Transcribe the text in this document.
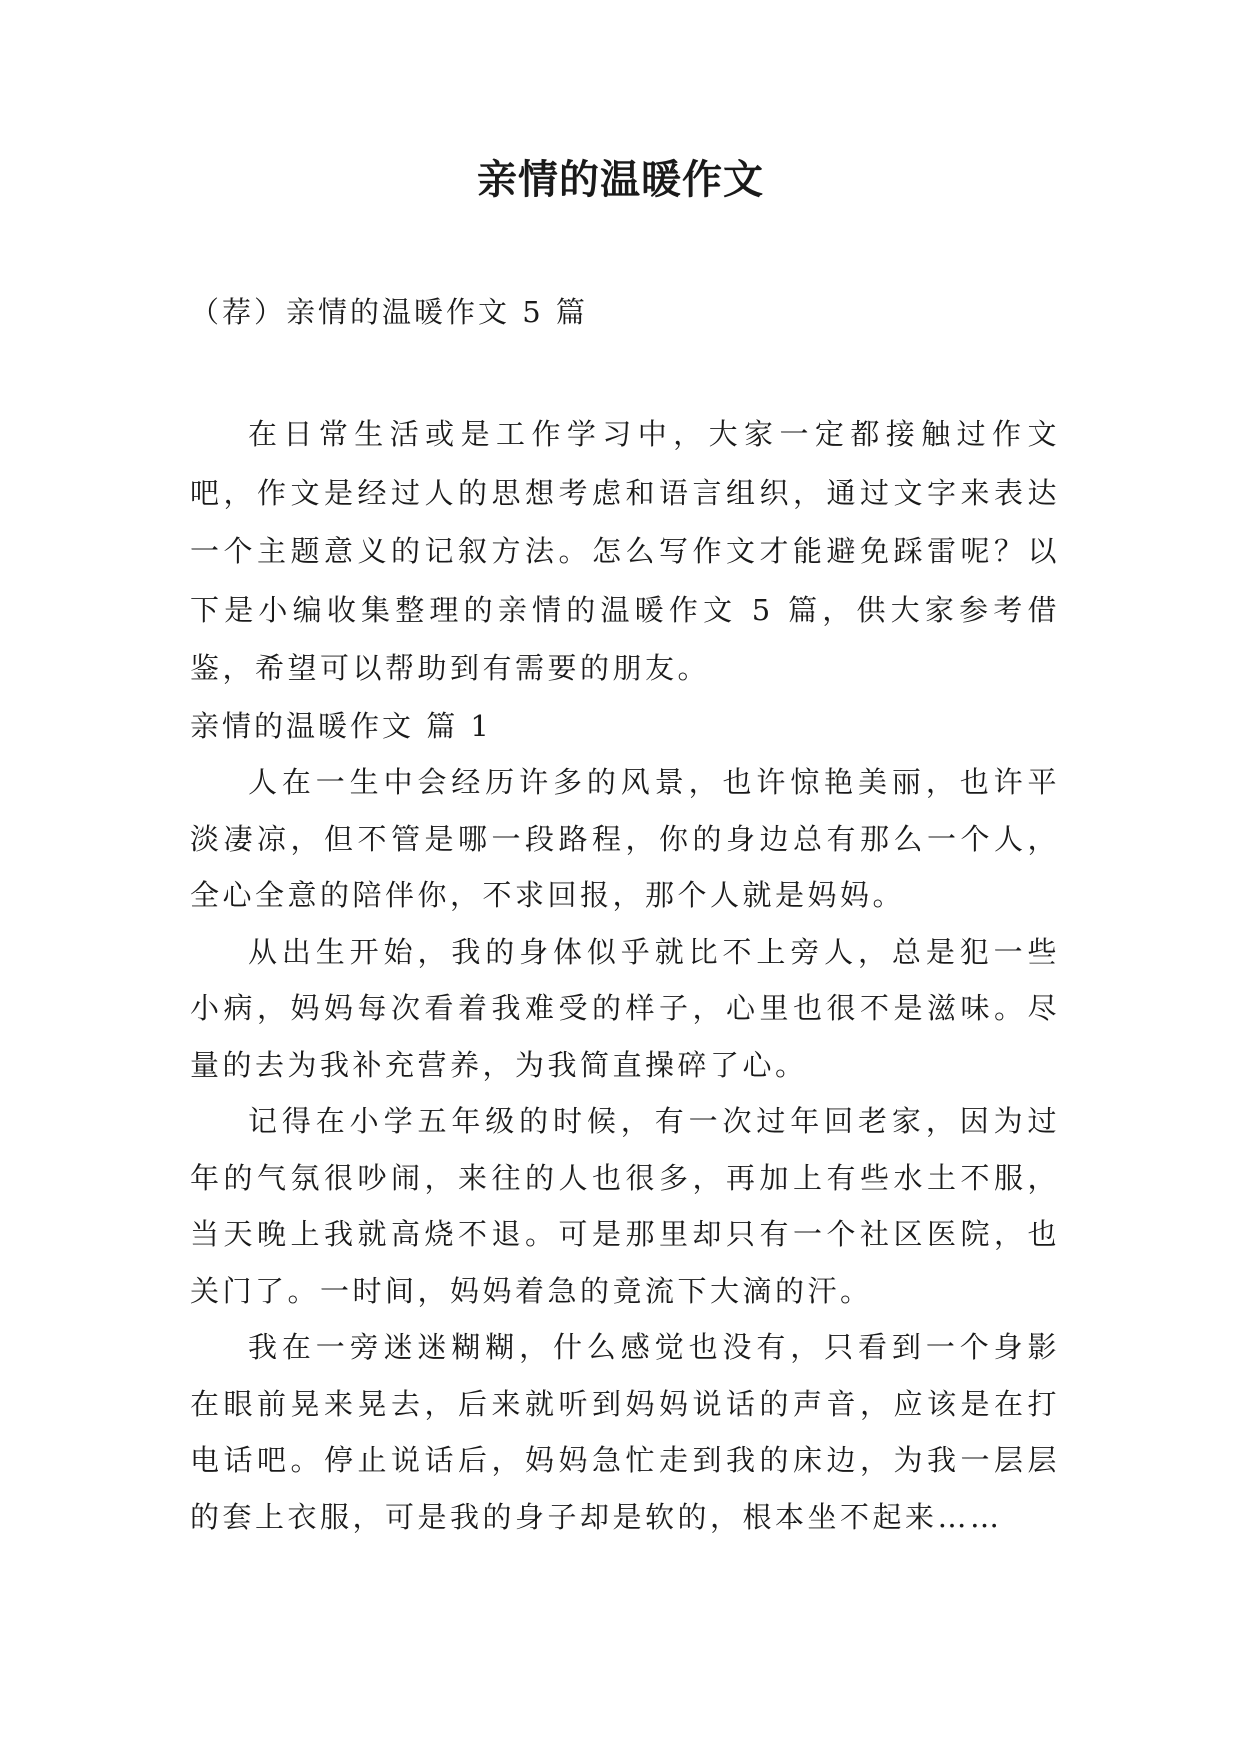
亲情的温暖作文
（荐）亲情的温暖作文 5 篇

在日常生活或是工作学习中，大家一定都接触过作文吧，作文是经过人的思想考虑和语言组织，通过文字来表达一个主题意义的记叙方法。怎么写作文才能避免踩雷呢？以下是小编收集整理的亲情的温暖作文 5 篇，供大家参考借鉴，希望可以帮助到有需要的朋友。

亲情的温暖作文 篇 1

人在一生中会经历许多的风景，也许惊艳美丽，也许平淡凄凉，但不管是哪一段路程，你的身边总有那么一个人，全心全意的陪伴你，不求回报，那个人就是妈妈。

从出生开始，我的身体似乎就比不上旁人，总是犯一些小病，妈妈每次看着我难受的样子，心里也很不是滋味。尽量的去为我补充营养，为我简直操碎了心。

记得在小学五年级的时候，有一次过年回老家，因为过年的气氛很吵闹，来往的人也很多，再加上有些水土不服，当天晚上我就高烧不退。可是那里却只有一个社区医院，也关门了。一时间，妈妈着急的竟流下大滴的汗。

我在一旁迷迷糊糊，什么感觉也没有，只看到一个身影在眼前晃来晃去，后来就听到妈妈说话的声音，应该是在打电话吧。停止说话后，妈妈急忙走到我的床边，为我一层层的套上衣服，可是我的身子却是软的，根本坐不起来……
